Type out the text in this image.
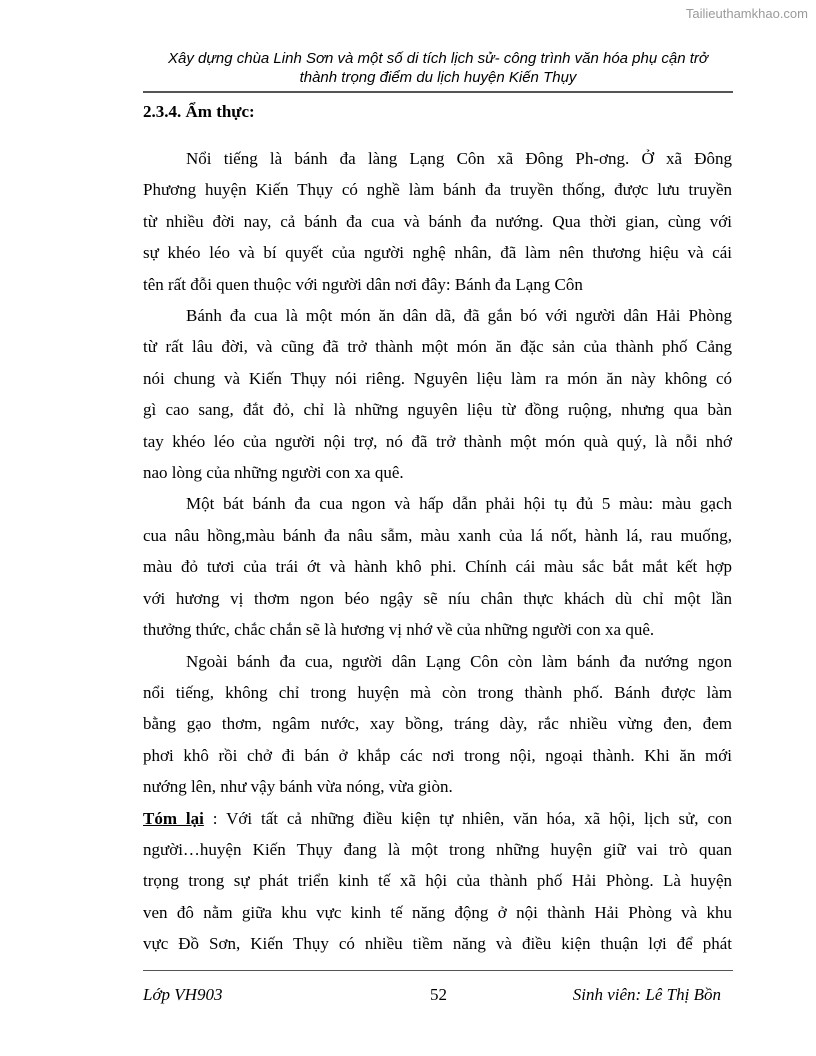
Tailieuthamkhao.com
Xây dựng chùa Linh Sơn và một số di tích lịch sử- công trình văn hóa phụ cận trở
thành trọng điểm du lịch huyện Kiến Thụy
2.3.4. Ẩm thực:
Nổi tiếng là bánh đa làng Lạng Côn xã Đông Ph-ơng. Ở xã Đông
Phương huyện Kiến Thụy có nghề làm bánh đa truyền thống, được lưu truyền
từ nhiều đời nay, cả bánh đa cua và bánh đa nướng. Qua thời gian, cùng với
sự khéo léo và bí quyết của người nghệ nhân, đã làm nên thương hiệu và cái
tên rất đỗi quen thuộc với người dân nơi đây: Bánh đa Lạng Côn
Bánh đa cua là một món ăn dân dã, đã gắn bó với người dân Hải Phòng
từ rất lâu đời, và cũng đã trở thành một món ăn đặc sản của thành phố Cảng
nói chung và Kiến Thụy nói riêng. Nguyên liệu làm ra món ăn này không có
gì cao sang, đắt đỏ, chỉ là những nguyên liệu từ đồng ruộng, nhưng qua bàn
tay khéo léo của người nội trợ, nó đã trở thành một món quà quý, là nỗi nhớ
nao lòng của những người con xa quê.
Một bát bánh đa cua ngon và hấp dẫn phải hội tụ đủ 5 màu: màu gạch
cua nâu hồng,màu bánh đa nâu sẫm, màu xanh của lá nốt, hành lá, rau muống,
màu đỏ tươi của trái ớt và hành khô phi. Chính cái màu sắc bắt mắt kết hợp
với hương vị thơm ngon béo ngậy sẽ níu chân thực khách dù chỉ một lần
thưởng thức, chắc chắn sẽ là hương vị nhớ về của những người con xa quê.
Ngoài bánh đa cua, người dân Lạng Côn còn làm bánh đa nướng ngon
nổi tiếng, không chỉ trong huyện mà còn trong thành phố. Bánh được làm
bằng gạo thơm, ngâm nước, xay bồng, tráng dày, rắc nhiều vừng đen, đem
phơi khô rồi chở đi bán ở khắp các nơi trong nội, ngoại thành. Khi ăn mới
nướng lên, như vậy bánh vừa nóng, vừa giòn.
Tóm lại : Với tất cả những điều kiện tự nhiên, văn hóa, xã hội, lịch sử, con
người…huyện Kiến Thụy đang là một trong những huyện giữ vai trò quan
trọng trong sự phát triển kinh tế xã hội của thành phố Hải Phòng. Là huyện
ven đô nằm giữa khu vực kinh tế năng động ở nội thành Hải Phòng và khu
vực Đồ Sơn, Kiến Thụy có nhiều tiềm năng và điều kiện thuận lợi để phát
Lớp VH903	52	Sinh viên: Lê Thị Bồn
